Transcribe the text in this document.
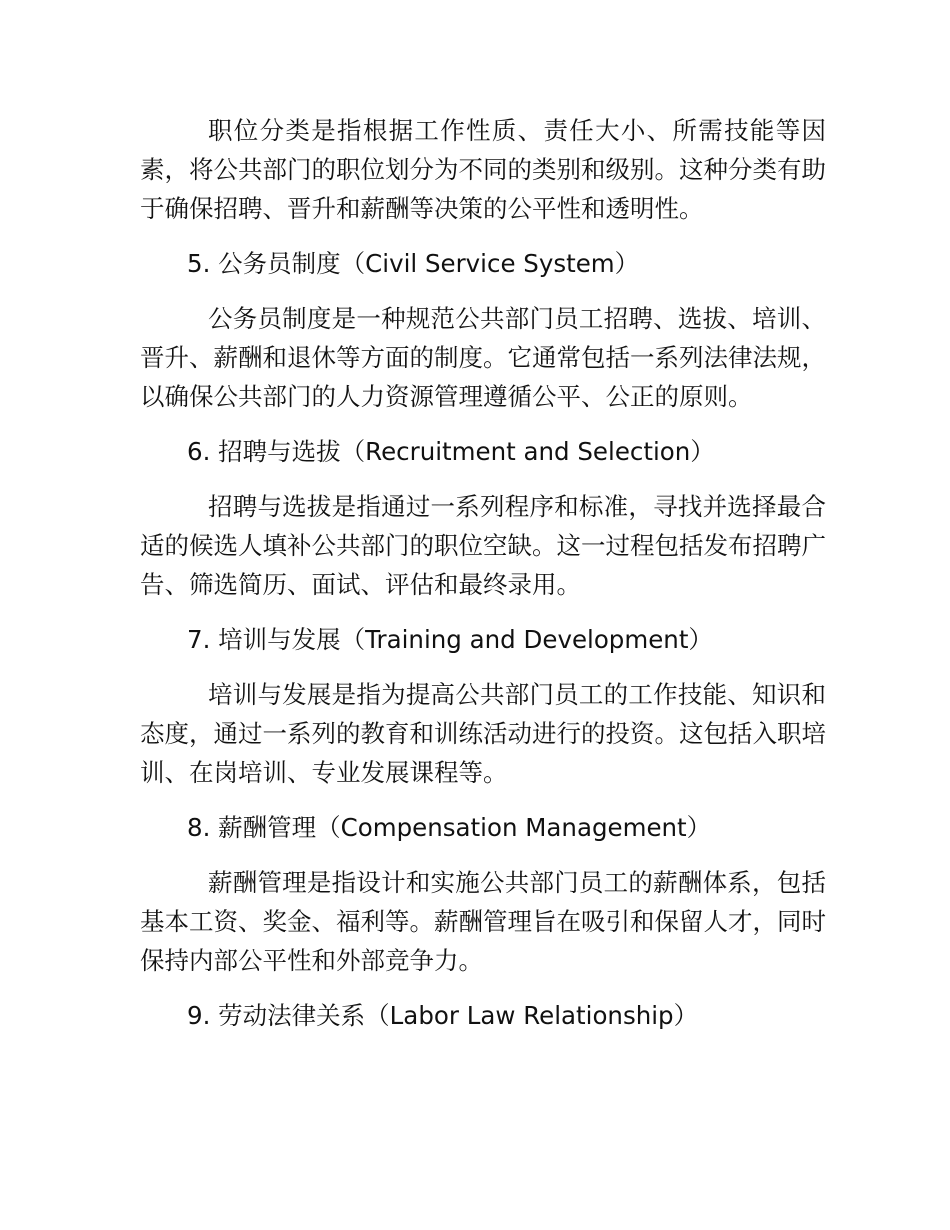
职位分类是指根据工作性质、责任大小、所需技能等因素，将公共部门的职位划分为不同的类别和级别。这种分类有助于确保招聘、晋升和薪酬等决策的公平性和透明性。

5. 公务员制度（Civil Service System）

公务员制度是一种规范公共部门员工招聘、选拔、培训、晋升、薪酬和退休等方面的制度。它通常包括一系列法律法规，以确保公共部门的人力资源管理遵循公平、公正的原则。

6. 招聘与选拔（Recruitment and Selection）

招聘与选拔是指通过一系列程序和标准，寻找并选择最合适的候选人填补公共部门的职位空缺。这一过程包括发布招聘广告、筛选简历、面试、评估和最终录用。

7. 培训与发展（Training and Development）

培训与发展是指为提高公共部门员工的工作技能、知识和态度，通过一系列的教育和训练活动进行的投资。这包括入职培训、在岗培训、专业发展课程等。

8. 薪酬管理（Compensation Management）

薪酬管理是指设计和实施公共部门员工的薪酬体系，包括基本工资、奖金、福利等。薪酬管理旨在吸引和保留人才，同时保持内部公平性和外部竞争力。

9. 劳动法律关系（Labor Law Relationship）
